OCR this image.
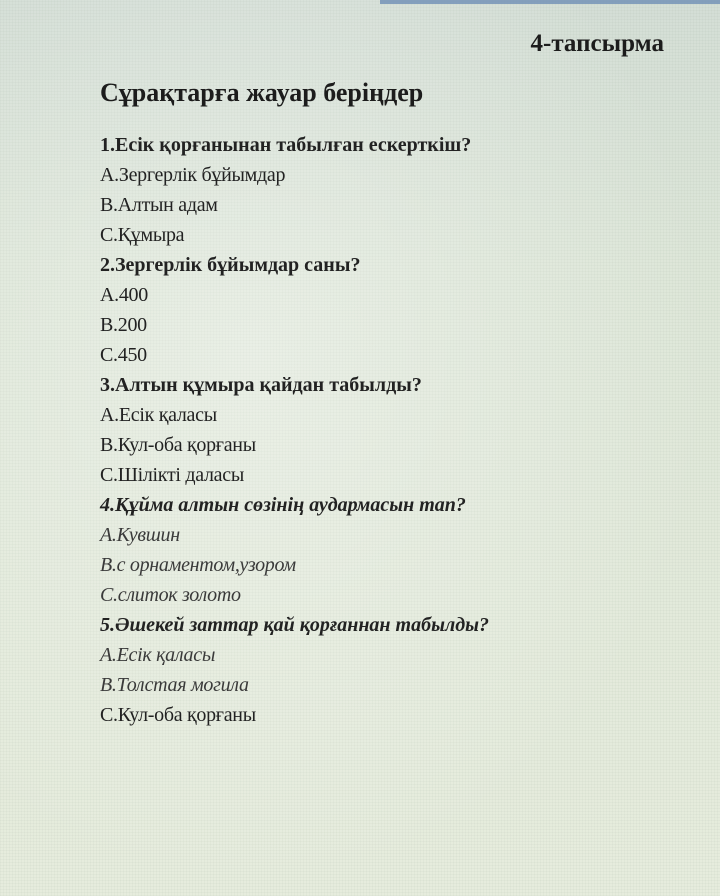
4-тапсырма
Сұрақтарға жауар беріңдер
1.Есік қорғанынан табылған ескерткіш?
А.Зергерлік бұйымдар
В.Алтын адам
С.Құмыра
2.Зергерлік бұйымдар саны?
А.400
В.200
С.450
3.Алтын құмыра қайдан табылды?
А.Есік қаласы
В.Кул-оба қорғаны
С.Шілікті даласы
4.Құйма алтын сөзінің аудармасын тап?
А.Кувшин
В.с орнаментом,узором
С.слиток золото
5.Әшекей заттар қай қорғаннан табылды?
А.Есік қаласы
В.Толстая могила
С.Кул-оба қорғаны
